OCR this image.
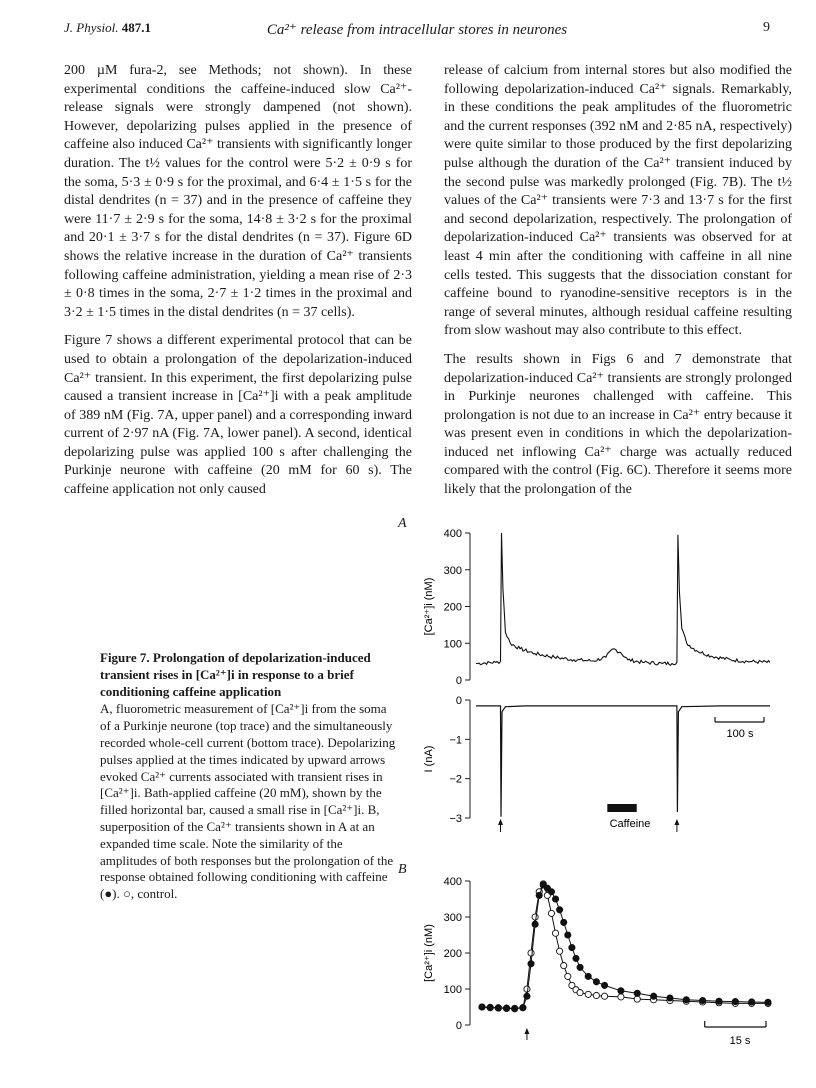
J. Physiol. 487.1	Ca²⁺ release from intracellular stores in neurones	9

200 µM fura-2, see Methods; not shown). In these experimental conditions the caffeine-induced slow Ca²⁺-release signals were strongly dampened (not shown). However, depolarizing pulses applied in the presence of caffeine also induced Ca²⁺ transients with significantly longer duration. The t½ values for the control were 5·2 ± 0·9 s for the soma, 5·3 ± 0·9 s for the proximal, and 6·4 ± 1·5 s for the distal dendrites (n = 37) and in the presence of caffeine they were 11·7 ± 2·9 s for the soma, 14·8 ± 3·2 s for the proximal and 20·1 ± 3·7 s for the distal dendrites (n = 37). Figure 6D shows the relative increase in the duration of Ca²⁺ transients following caffeine administration, yielding a mean rise of 2·3 ± 0·8 times in the soma, 2·7 ± 1·2 times in the proximal and 3·2 ± 1·5 times in the distal dendrites (n = 37 cells).

Figure 7 shows a different experimental protocol that can be used to obtain a prolongation of the depolarization-induced Ca²⁺ transient. In this experiment, the first depolarizing pulse caused a transient increase in [Ca²⁺]i with a peak amplitude of 389 nM (Fig. 7A, upper panel) and a corresponding inward current of 2·97 nA (Fig. 7A, lower panel). A second, identical depolarizing pulse was applied 100 s after challenging the Purkinje neurone with caffeine (20 mM for 60 s). The caffeine application not only caused

release of calcium from internal stores but also modified the following depolarization-induced Ca²⁺ signals. Remarkably, in these conditions the peak amplitudes of the fluorometric and the current responses (392 nM and 2·85 nA, respectively) were quite similar to those produced by the first depolarizing pulse although the duration of the Ca²⁺ transient induced by the second pulse was markedly prolonged (Fig. 7B). The t½ values of the Ca²⁺ transients were 7·3 and 13·7 s for the first and second depolarization, respectively. The prolongation of depolarization-induced Ca²⁺ transients was observed for at least 4 min after the conditioning with caffeine in all nine cells tested. This suggests that the dissociation constant for caffeine bound to ryanodine-sensitive receptors is in the range of several minutes, although residual caffeine resulting from slow washout may also contribute to this effect.

The results shown in Figs 6 and 7 demonstrate that depolarization-induced Ca²⁺ transients are strongly prolonged in Purkinje neurones challenged with caffeine. This prolongation is not due to an increase in Ca²⁺ entry because it was present even in conditions in which the depolarization-induced net inflowing Ca²⁺ charge was actually reduced compared with the control (Fig. 6C). Therefore it seems more likely that the prolongation of the

Figure 7. Prolongation of depolarization-induced transient rises in [Ca²⁺]i in response to a brief conditioning caffeine application
A, fluorometric measurement of [Ca²⁺]i from the soma of a Purkinje neurone (top trace) and the simultaneously recorded whole-cell current (bottom trace). Depolarizing pulses applied at the times indicated by upward arrows evoked Ca²⁺ currents associated with transient rises in [Ca²⁺]i. Bath-applied caffeine (20 mM), shown by the filled horizontal bar, caused a small rise in [Ca²⁺]i. B, superposition of the Ca²⁺ transients shown in A at an expanded time scale. Note the similarity of the amplitudes of both responses but the prolongation of the response obtained following conditioning with caffeine (●). ○, control.
A
B
0
100
200
300
400
[Ca²⁺]i (nM)
0
−1
−2
−3
I (nA)
100 s
Caffeine
0
100
200
300
400
[Ca²⁺]i (nM)
15 s
